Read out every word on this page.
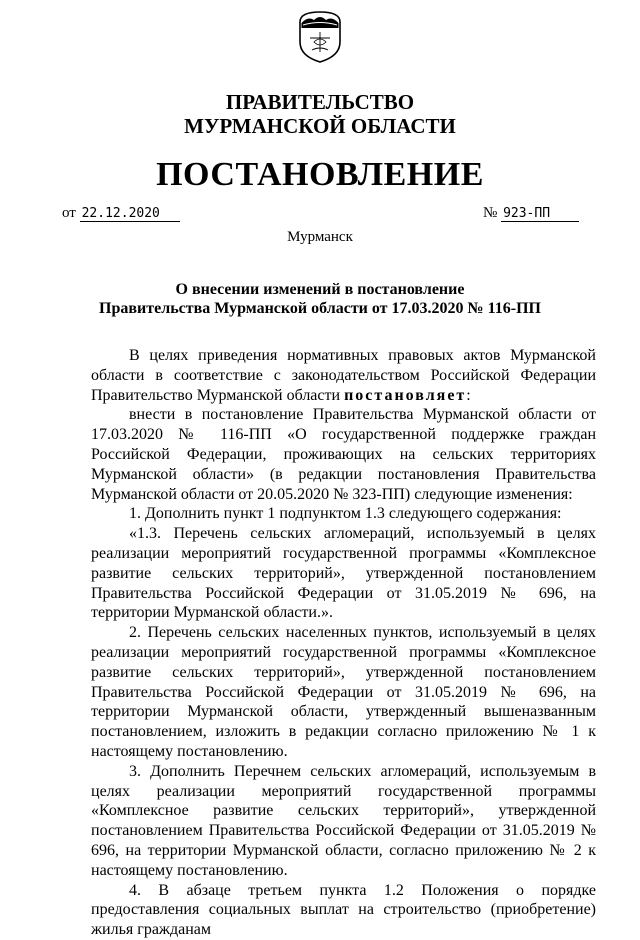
ПРАВИТЕЛЬСТВО
МУРМАНСКОЙ ОБЛАСТИ
ПОСТАНОВЛЕНИЕ
от 22.12.2020	№ 923-ПП
Мурманск
О внесении изменений в постановление
Правительства Мурманской области от 17.03.2020 № 116-ПП

В целях приведения нормативных правовых актов Мурманской области в соответствие с законодательством Российской Федерации Правительство Мурманской области постановляет:

внести в постановление Правительства Мурманской области от 17.03.2020 № 116-ПП «О государственной поддержке граждан Российской Федерации, проживающих на сельских территориях Мурманской области» (в редакции постановления Правительства Мурманской области от 20.05.2020 № 323-ПП) следующие изменения:

1. Дополнить пункт 1 подпунктом 1.3 следующего содержания:

«1.3. Перечень сельских агломераций, используемый в целях реализации мероприятий государственной программы «Комплексное развитие сельских территорий», утвержденной постановлением Правительства Российской Федерации от 31.05.2019 № 696, на территории Мурманской области.».

2. Перечень сельских населенных пунктов, используемый в целях реализации мероприятий государственной программы «Комплексное развитие сельских территорий», утвержденной постановлением Правительства Российской Федерации от 31.05.2019 № 696, на территории Мурманской области, утвержденный вышеназванным постановлением, изложить в редакции согласно приложению № 1 к настоящему постановлению.

3. Дополнить Перечнем сельских агломераций, используемым в целях реализации мероприятий государственной программы «Комплексное развитие сельских территорий», утвержденной постановлением Правительства Российской Федерации от 31.05.2019 № 696, на территории Мурманской области, согласно приложению № 2 к настоящему постановлению.

4. В абзаце третьем пункта 1.2 Положения о порядке предоставления социальных выплат на строительство (приобретение) жилья гражданам
